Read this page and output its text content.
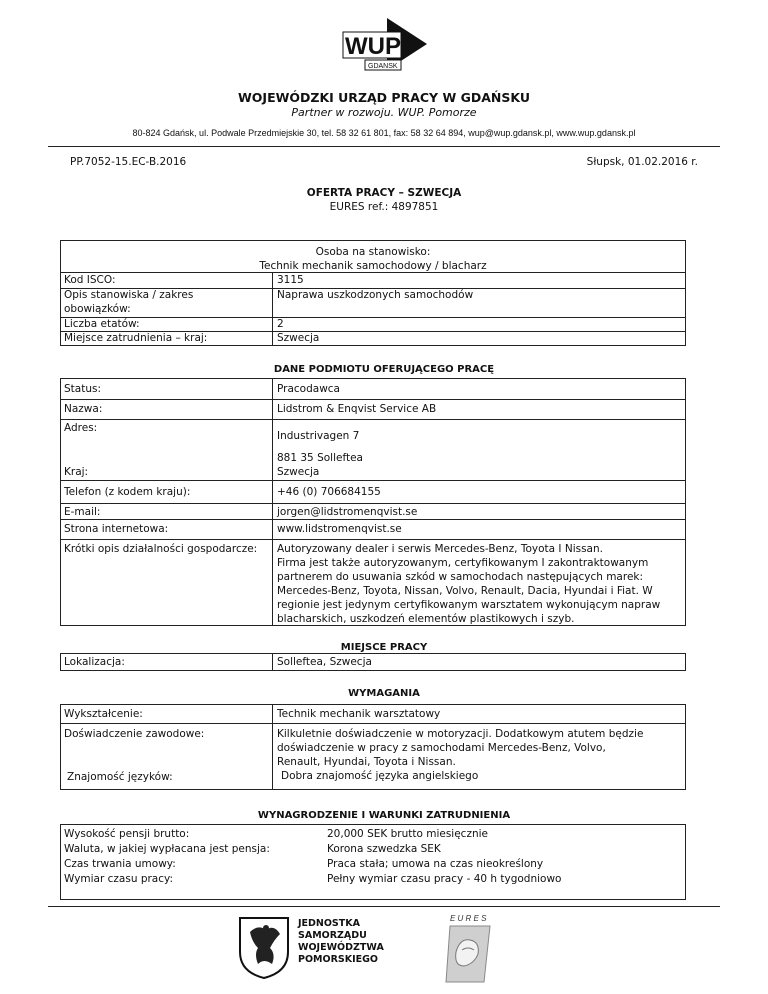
WUP
GDANSK
WOJEWÓDZKI URZĄD PRACY W GDAŃSKU
Partner w rozwoju. WUP. Pomorze
80-824 Gdańsk, ul. Podwale Przedmiejskie 30, tel. 58 32 61 801, fax: 58 32 64 894, wup@wup.gdansk.pl, www.wup.gdansk.pl
PP.7052-15.EC-B.2016	Słupsk, 01.02.2016 r.
OFERTA PRACY – SZWECJA
EURES ref.: 4897851
Osoba na stanowisko:
Technik mechanik samochodowy / blacharz
Kod ISCO:	3115
Opis stanowiska / zakres
obowiązków:
Naprawa uszkodzonych samochodów
Liczba etatów:	2
Miejsce zatrudnienia – kraj:	Szwecja
DANE PODMIOTU OFERUJĄCEGO PRACĘ
Status:	Pracodawca
Nazwa:	Lidstrom & Enqvist Service AB
Adres:
Industrivagen 7
881 35 Solleftea
Kraj:	Szwecja
Telefon (z kodem kraju):	+46 (0) 706684155
E-mail:	jorgen@lidstromenqvist.se
Strona internetowa:	www.lidstromenqvist.se
Krótki opis działalności gospodarcze: Autoryzowany dealer i serwis Mercedes-Benz, Toyota I Nissan.
Firma jest także autoryzowanym, certyfikowanym I zakontraktowanym
partnerem do usuwania szkód w samochodach następujących marek:
Mercedes-Benz, Toyota, Nissan, Volvo, Renault, Dacia, Hyundai i Fiat. W
regionie jest jedynym certyfikowanym warsztatem wykonującym napraw
blacharskich, uszkodzeń elementów plastikowych i szyb.
MIEJSCE PRACY
Lokalizacja:	Solleftea, Szwecja
WYMAGANIA
Wykształcenie:	Technik mechanik warsztatowy
Doświadczenie zawodowe:	Kilkuletnie doświadczenie w motoryzacji. Dodatkowym atutem będzie
doświadczenie w pracy z samochodami Mercedes-Benz, Volvo,
Renault, Hyundai, Toyota i Nissan.
Znajomość języków:	Dobra znajomość języka angielskiego
WYNAGRODZENIE I WARUNKI ZATRUDNIENIA
Wysokość pensji brutto:	20,000 SEK brutto miesięcznie
Waluta, w jakiej wypłacana jest pensja:	Korona szwedzka SEK
Czas trwania umowy:	Praca stała; umowa na czas nieokreślony
Wymiar czasu pracy:	Pełny wymiar czasu pracy - 40 h tygodniowo
JEDNOSTKA
SAMORZĄDU
WOJEWÓDZTWA
POMORSKIEGO
E U R E S
